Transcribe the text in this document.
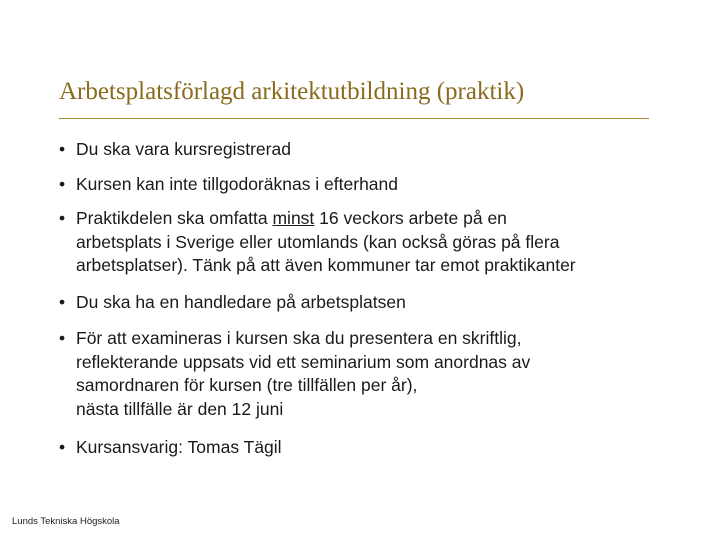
Arbetsplatsförlagd arkitektutbildning (praktik)
• Du ska vara kursregistrerad
• Kursen kan inte tillgodoräknas i efterhand
• Praktikdelen ska omfatta minst 16 veckors arbete på en
arbetsplats i Sverige eller utomlands (kan också göras på flera
arbetsplatser). Tänk på att även kommuner tar emot praktikanter
• Du ska ha en handledare på arbetsplatsen
• För att examineras i kursen ska du presentera en skriftlig,
reflekterande uppsats vid ett seminarium som anordnas av
samordnaren för kursen (tre tillfällen per år),
nästa tillfälle är den 12 juni
• Kursansvarig: Tomas Tägil
Lunds Tekniska Högskola
